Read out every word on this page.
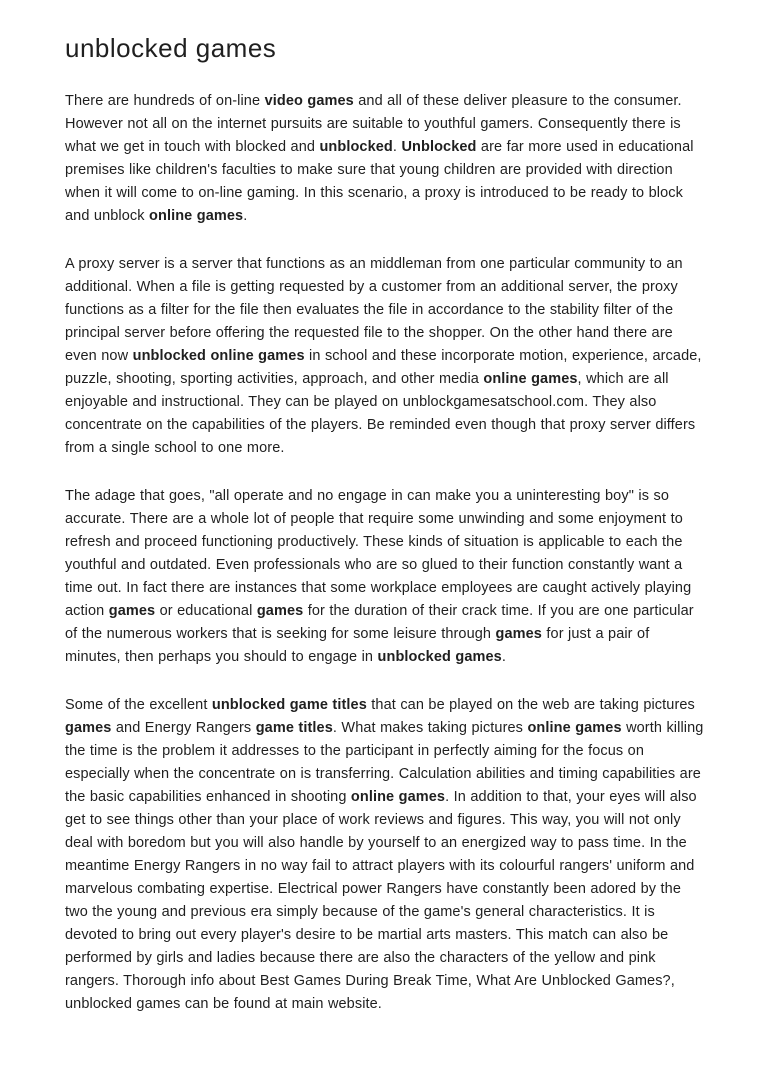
unblocked games

There are hundreds of on-line video games and all of these deliver pleasure to the consumer. However not all on the internet pursuits are suitable to youthful gamers. Consequently there is what we get in touch with blocked and unblocked. Unblocked are far more used in educational premises like children's faculties to make sure that young children are provided with direction when it will come to on-line gaming. In this scenario, a proxy is introduced to be ready to block and unblock online games.

A proxy server is a server that functions as an middleman from one particular community to an additional. When a file is getting requested by a customer from an additional server, the proxy functions as a filter for the file then evaluates the file in accordance to the stability filter of the principal server before offering the requested file to the shopper. On the other hand there are even now unblocked online games in school and these incorporate motion, experience, arcade, puzzle, shooting, sporting activities, approach, and other media online games, which are all enjoyable and instructional. They can be played on unblockgamesatschool.com. They also concentrate on the capabilities of the players. Be reminded even though that proxy server differs from a single school to one more.

The adage that goes, "all operate and no engage in can make you a uninteresting boy" is so accurate. There are a whole lot of people that require some unwinding and some enjoyment to refresh and proceed functioning productively. These kinds of situation is applicable to each the youthful and outdated. Even professionals who are so glued to their function constantly want a time out. In fact there are instances that some workplace employees are caught actively playing action games or educational games for the duration of their crack time. If you are one particular of the numerous workers that is seeking for some leisure through games for just a pair of minutes, then perhaps you should to engage in unblocked games.

Some of the excellent unblocked game titles that can be played on the web are taking pictures games and Energy Rangers game titles. What makes taking pictures online games worth killing the time is the problem it addresses to the participant in perfectly aiming for the focus on especially when the concentrate on is transferring. Calculation abilities and timing capabilities are the basic capabilities enhanced in shooting online games. In addition to that, your eyes will also get to see things other than your place of work reviews and figures. This way, you will not only deal with boredom but you will also handle by yourself to an energized way to pass time. In the meantime Energy Rangers in no way fail to attract players with its colourful rangers' uniform and marvelous combating expertise. Electrical power Rangers have constantly been adored by the two the young and previous era simply because of the game's general characteristics. It is devoted to bring out every player's desire to be martial arts masters. This match can also be performed by girls and ladies because there are also the characters of the yellow and pink rangers. Thorough info about Best Games During Break Time, What Are Unblocked Games?, unblocked games can be found at main website.
